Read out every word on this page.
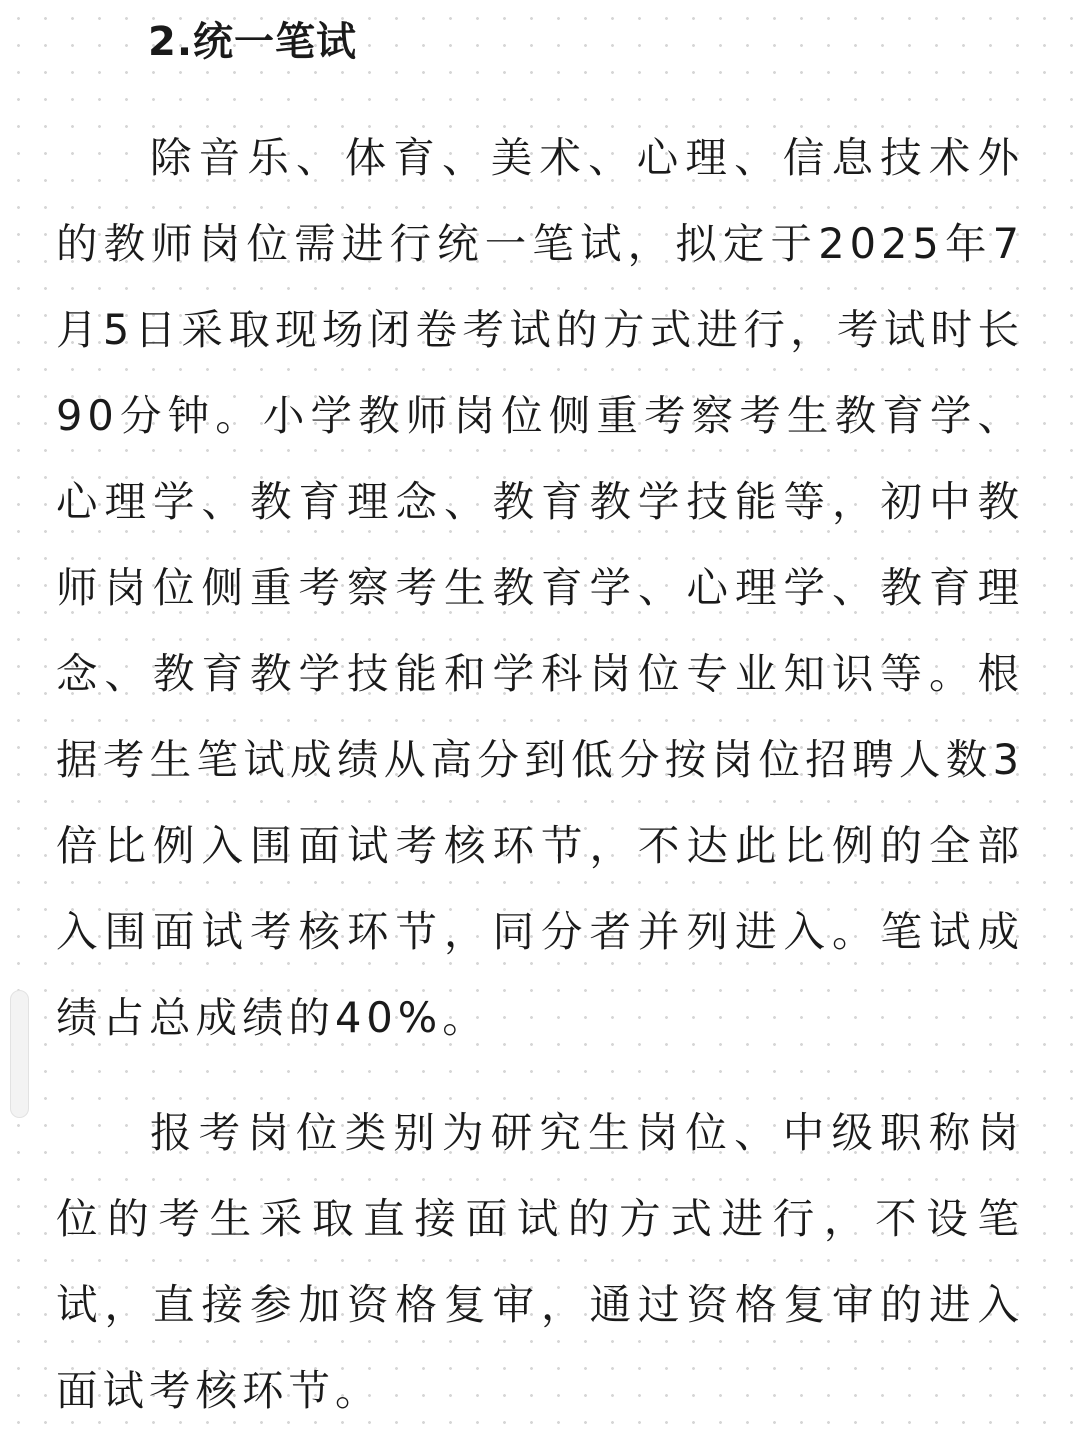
2.统一笔试

除音乐、体育、美术、心理、信息技术外的教师岗位需进行统一笔试，拟定于2025年7月5日采取现场闭卷考试的方式进行，考试时长90分钟。小学教师岗位侧重考察考生教育学、心理学、教育理念、教育教学技能等，初中教师岗位侧重考察考生教育学、心理学、教育理念、教育教学技能和学科岗位专业知识等。根据考生笔试成绩从高分到低分按岗位招聘人数3倍比例入围面试考核环节，不达此比例的全部入围面试考核环节，同分者并列进入。笔试成绩占总成绩的40%。

报考岗位类别为研究生岗位、中级职称岗位的考生采取直接面试的方式进行，不设笔试，直接参加资格复审，通过资格复审的进入面试考核环节。
